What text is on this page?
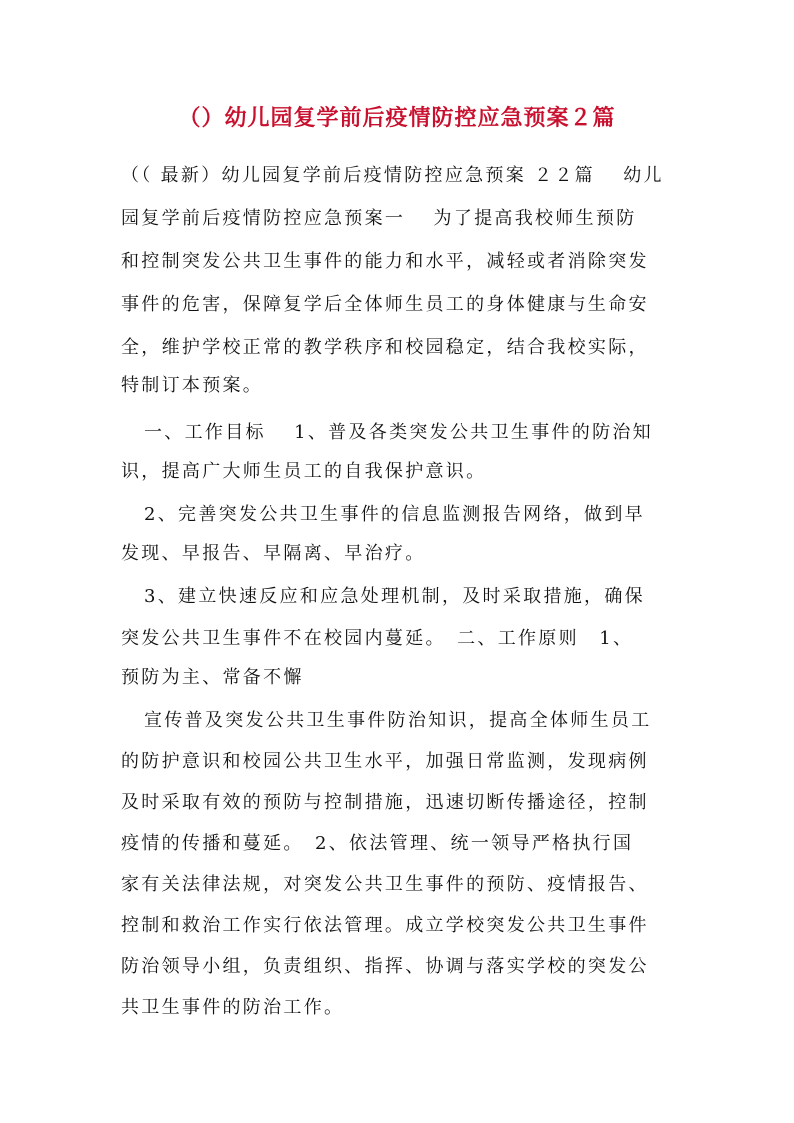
（）幼儿园复学前后疫情防控应急预案２篇
（（ 最新）幼儿园复学前后疫情防控应急预案 ２２篇　 幼儿
园复学前后疫情防控应急预案一　 为了提高我校师生预防
和控制突发公共卫生事件的能力和水平，减轻或者消除突发
事件的危害，保障复学后全体师生员工的身体健康与生命安
全，维护学校正常的教学秩序和校园稳定，结合我校实际，
特制订本预案。
一、工作目标　 1、普及各类突发公共卫生事件的防治知
识，提高广大师生员工的自我保护意识。
2、完善突发公共卫生事件的信息监测报告网络，做到早
发现、早报告、早隔离、早治疗。
3、建立快速反应和应急处理机制，及时采取措施，确保
突发公共卫生事件不在校园内蔓延。　二、工作原则　1、
预防为主、常备不懈
宣传普及突发公共卫生事件防治知识，提高全体师生员工
的防护意识和校园公共卫生水平，加强日常监测，发现病例
及时采取有效的预防与控制措施，迅速切断传播途径，控制
疫情的传播和蔓延。　2、依法管理、统一领导严格执行国
家有关法律法规，对突发公共卫生事件的预防、疫情报告、
控制和救治工作实行依法管理。成立学校突发公共卫生事件
防治领导小组，负责组织、指挥、协调与落实学校的突发公
共卫生事件的防治工作。
